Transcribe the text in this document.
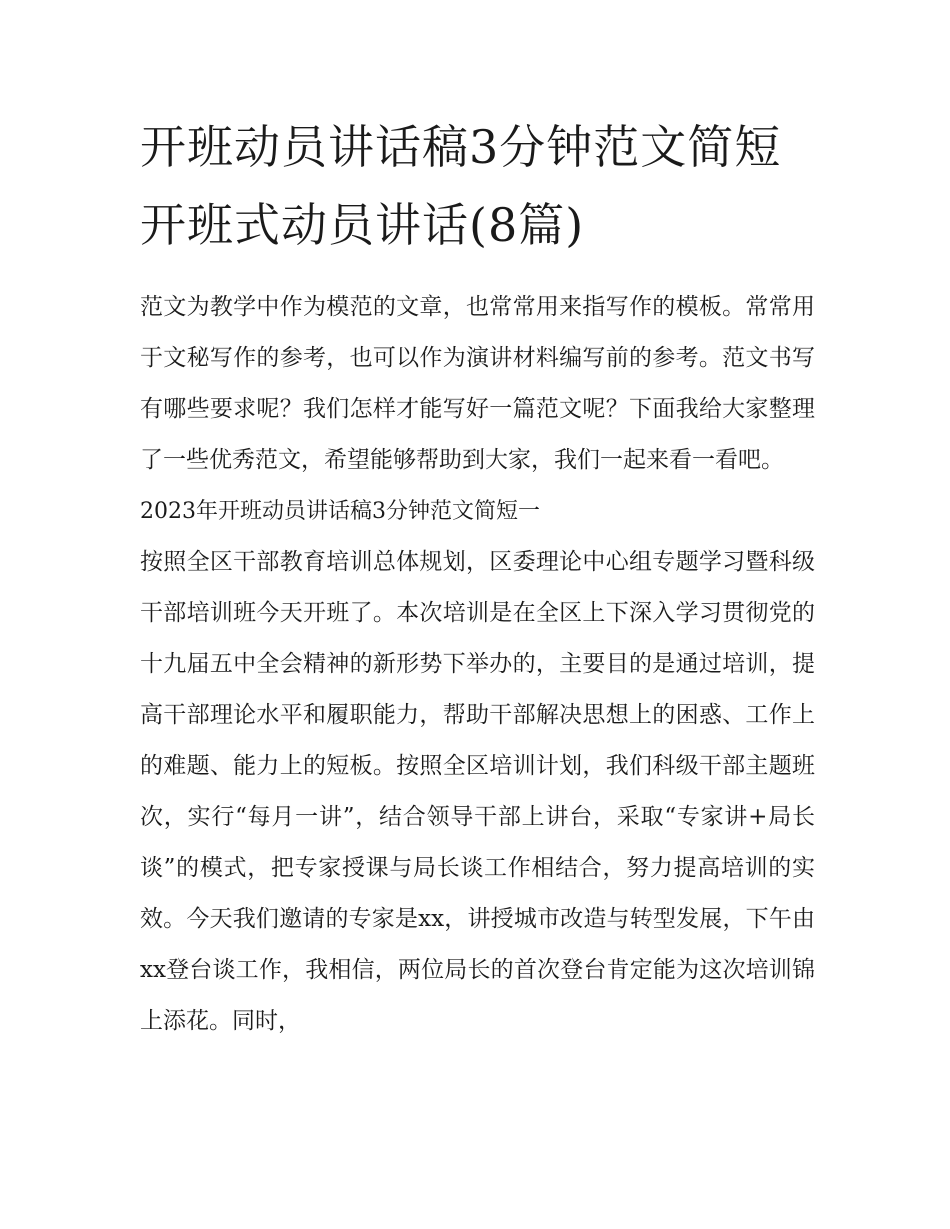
开班动员讲话稿3分钟范文简短 开班式动员讲话(8篇)

范文为教学中作为模范的文章，也常常用来指写作的模板。常常用于文秘写作的参考，也可以作为演讲材料编写前的参考。范文书写有哪些要求呢？我们怎样才能写好一篇范文呢？下面我给大家整理了一些优秀范文，希望能够帮助到大家，我们一起来看一看吧。

2023年开班动员讲话稿3分钟范文简短一

按照全区干部教育培训总体规划，区委理论中心组专题学习暨科级干部培训班今天开班了。本次培训是在全区上下深入学习贯彻党的十九届五中全会精神的新形势下举办的，主要目的是通过培训，提高干部理论水平和履职能力，帮助干部解决思想上的困惑、工作上的难题、能力上的短板。按照全区培训计划，我们科级干部主题班次，实行“每月一讲”，结合领导干部上讲台，采取“专家讲+局长谈”的模式，把专家授课与局长谈工作相结合，努力提高培训的实效。今天我们邀请的专家是xx，讲授城市改造与转型发展，下午由xx登台谈工作，我相信，两位局长的首次登台肯定能为这次培训锦上添花。同时，
